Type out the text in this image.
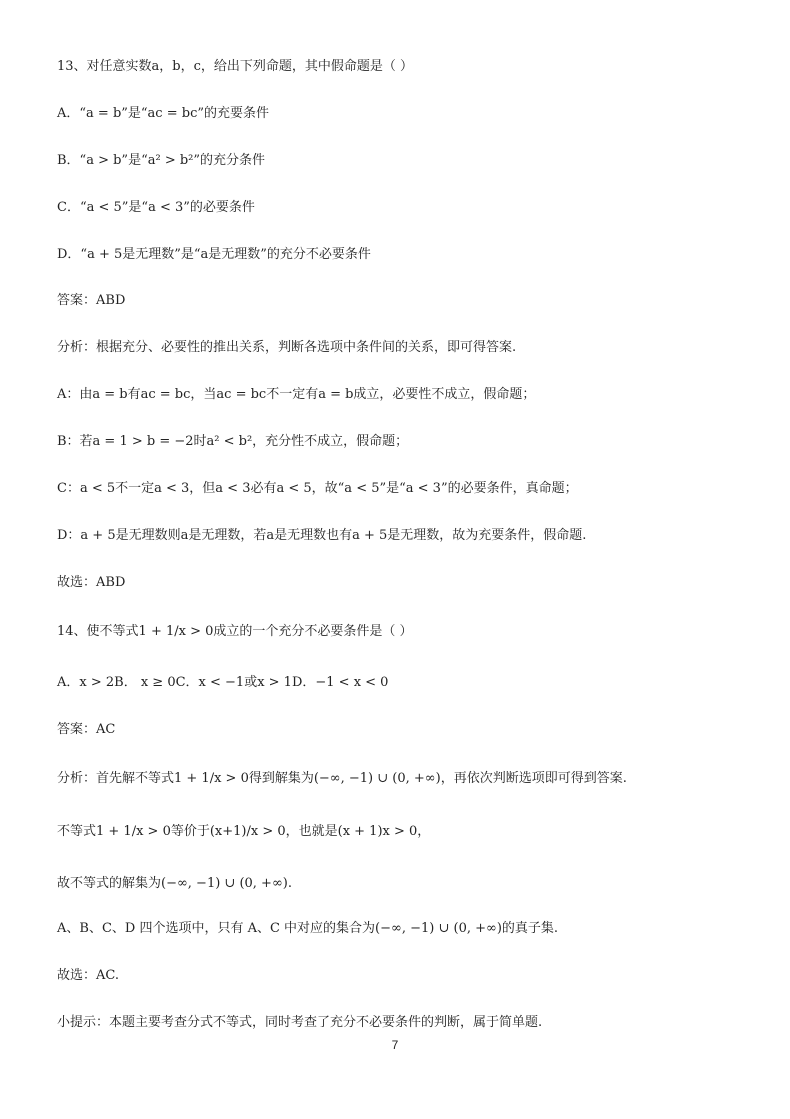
13、对任意实数a，b，c，给出下列命题，其中假命题是（ ）
A．“a = b”是“ac = bc”的充要条件
B．“a > b”是“a² > b²”的充分条件
C．“a < 5”是“a < 3”的必要条件
D．“a + 5是无理数”是“a是无理数”的充分不必要条件
答案：ABD
分析：根据充分、必要性的推出关系，判断各选项中条件间的关系，即可得答案.
A：由a = b有ac = bc，当ac = bc不一定有a = b成立，必要性不成立，假命题；
B：若a = 1 > b = −2时a² < b²，充分性不成立，假命题；
C：a < 5不一定a < 3，但a < 3必有a < 5，故“a < 5”是“a < 3”的必要条件，真命题；
D：a + 5是无理数则a是无理数，若a是无理数也有a + 5是无理数，故为充要条件，假命题.
故选：ABD
14、使不等式1 + 1/x > 0成立的一个充分不必要条件是（ ）
A．x > 2B． x ≥ 0C．x < −1或x > 1D．−1 < x < 0
答案：AC
分析：首先解不等式1 + 1/x > 0得到解集为(−∞, −1) ∪ (0, +∞)，再依次判断选项即可得到答案.
不等式1 + 1/x > 0等价于(x+1)/x > 0，也就是(x + 1)x > 0，
故不等式的解集为(−∞, −1) ∪ (0, +∞).
A、B、C、D 四个选项中，只有 A、C 中对应的集合为(−∞, −1) ∪ (0, +∞)的真子集.
故选：AC.
小提示：本题主要考查分式不等式，同时考查了充分不必要条件的判断，属于简单题.
7
